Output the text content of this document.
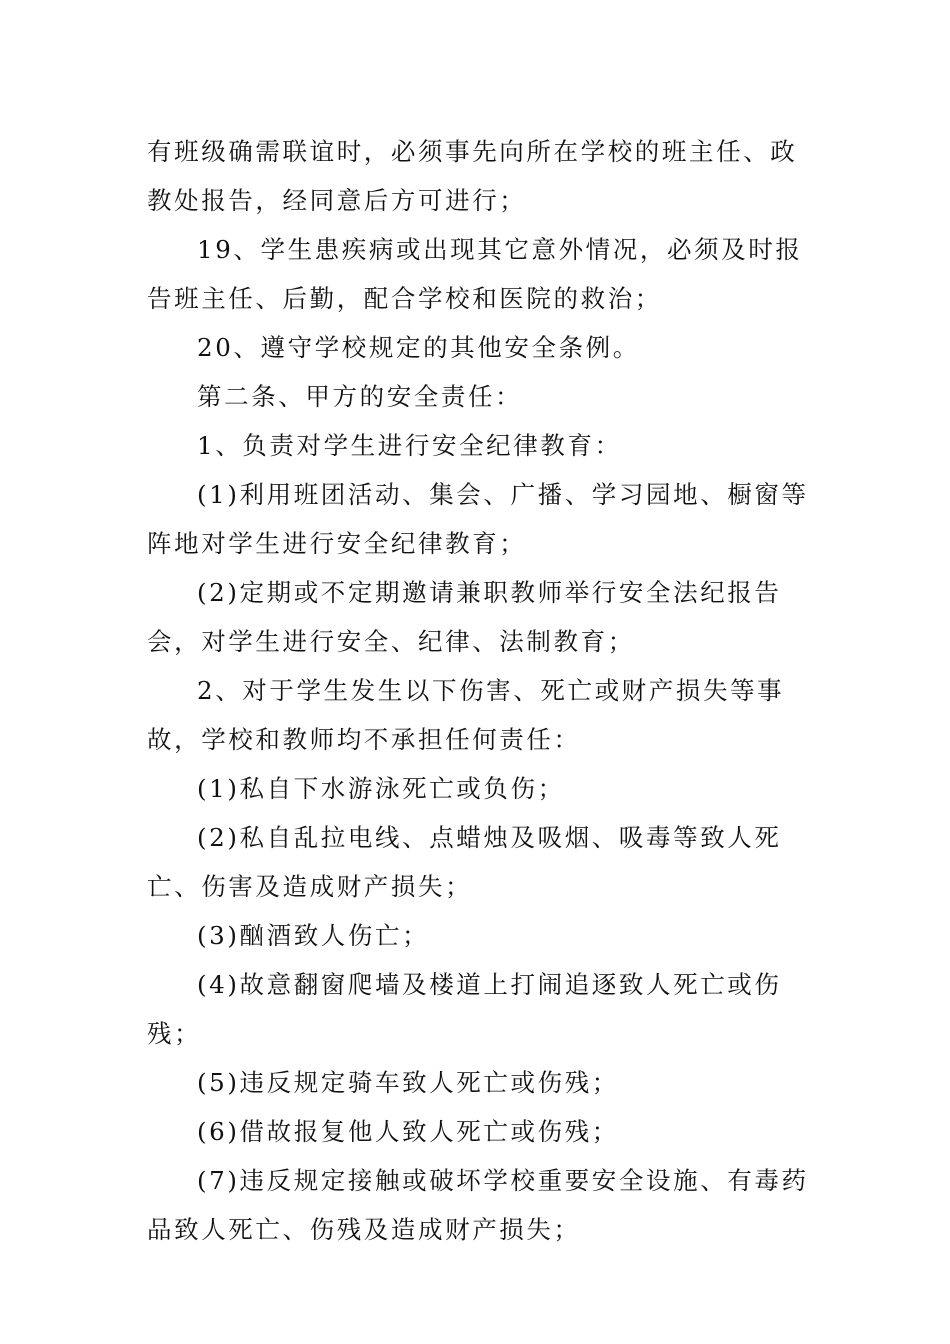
有班级确需联谊时，必须事先向所在学校的班主任、政教处报告，经同意后方可进行；

19、学生患疾病或出现其它意外情况，必须及时报告班主任、后勤，配合学校和医院的救治；

20、遵守学校规定的其他安全条例。

第二条、甲方的安全责任：

1、负责对学生进行安全纪律教育：

(1)利用班团活动、集会、广播、学习园地、橱窗等阵地对学生进行安全纪律教育；

(2)定期或不定期邀请兼职教师举行安全法纪报告会，对学生进行安全、纪律、法制教育；

2、对于学生发生以下伤害、死亡或财产损失等事故，学校和教师均不承担任何责任：

(1)私自下水游泳死亡或负伤；

(2)私自乱拉电线、点蜡烛及吸烟、吸毒等致人死亡、伤害及造成财产损失；

(3)酗酒致人伤亡；

(4)故意翻窗爬墙及楼道上打闹追逐致人死亡或伤残；

(5)违反规定骑车致人死亡或伤残；

(6)借故报复他人致人死亡或伤残；

(7)违反规定接触或破坏学校重要安全设施、有毒药品致人死亡、伤残及造成财产损失；
